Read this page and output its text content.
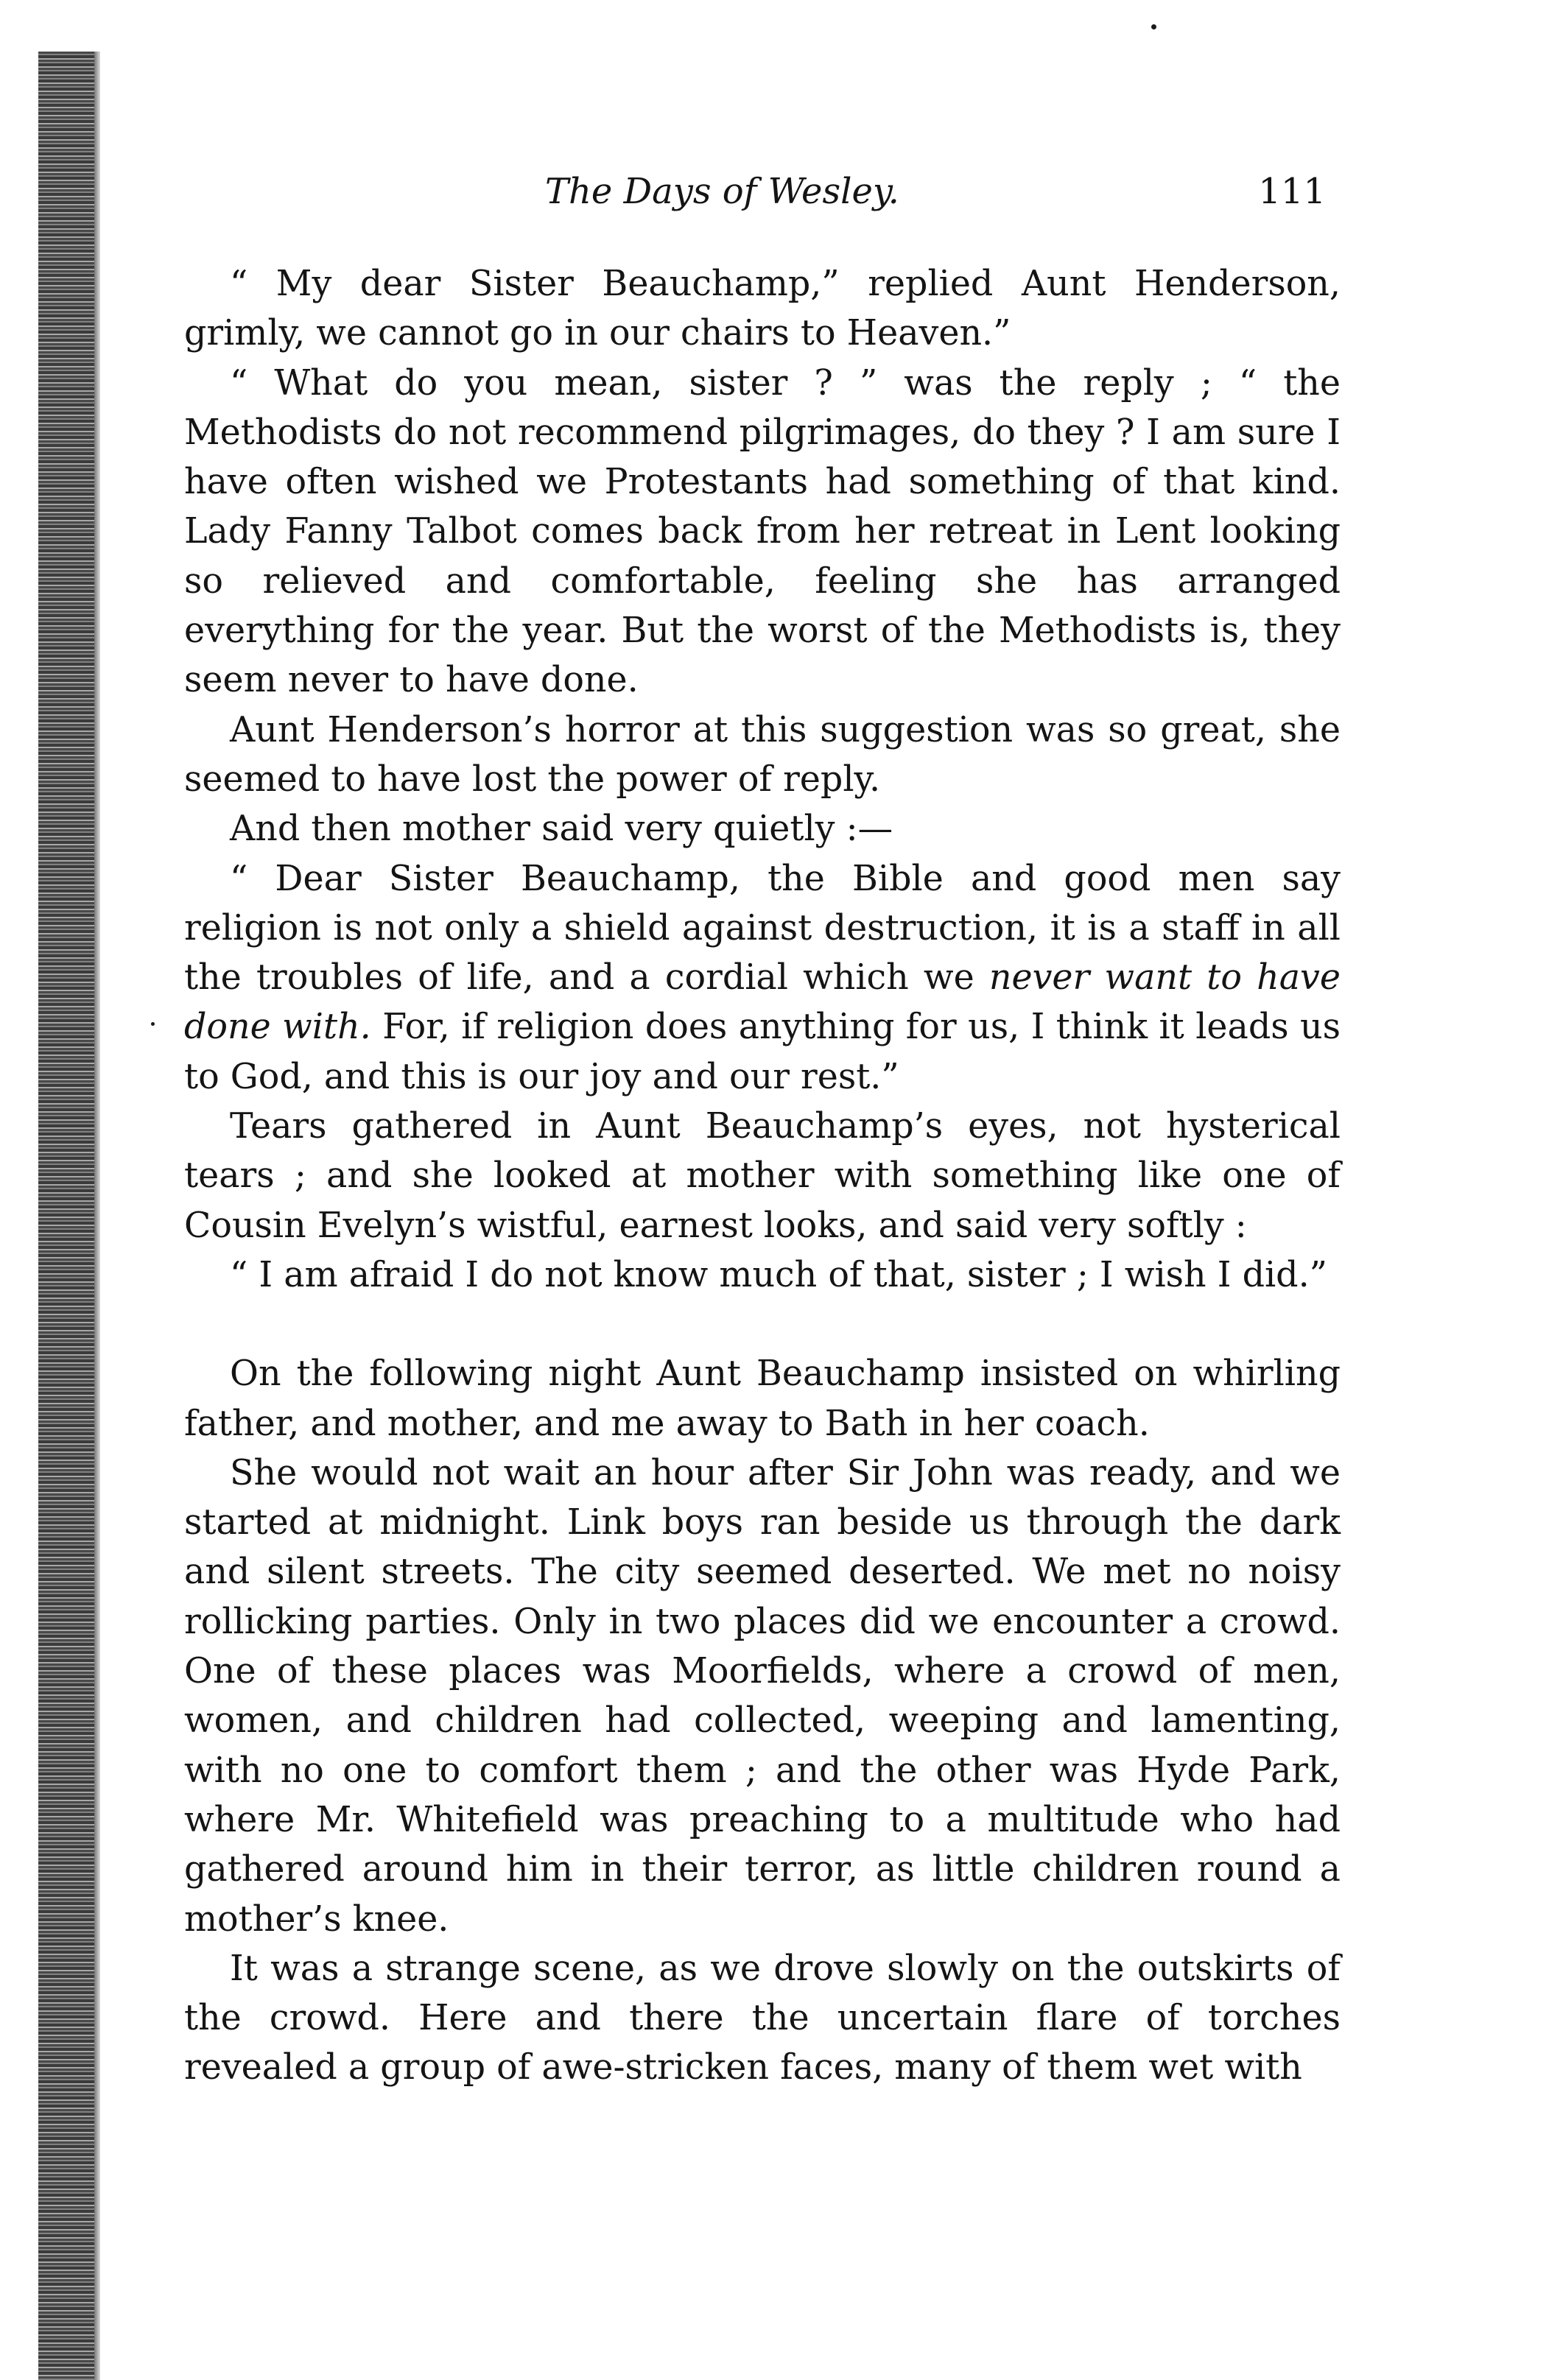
The Days of Wesley.	111

“ My dear Sister Beauchamp,” replied Aunt Henderson, grimly, we cannot go in our chairs to Heaven.”

“ What do you mean, sister ? ” was the reply ; “ the Methodists do not recommend pilgrimages, do they ? I am sure I have often wished we Protestants had something of that kind. Lady Fanny Talbot comes back from her retreat in Lent looking so relieved and comfortable, feeling she has arranged everything for the year. But the worst of the Methodists is, they seem never to have done.

Aunt Henderson’s horror at this suggestion was so great, she seemed to have lost the power of reply.

And then mother said very quietly :—

“ Dear Sister Beauchamp, the Bible and good men say religion is not only a shield against destruction, it is a staff in all the troubles of life, and a cordial which we never want to have done with. For, if religion does anything for us, I think it leads us to God, and this is our joy and our rest.”

Tears gathered in Aunt Beauchamp’s eyes, not hysterical tears ; and she looked at mother with something like one of Cousin Evelyn’s wistful, earnest looks, and said very softly :

“ I am afraid I do not know much of that, sister ; I wish I did.”

On the following night Aunt Beauchamp insisted on whirling father, and mother, and me away to Bath in her coach.

She would not wait an hour after Sir John was ready, and we started at midnight. Link boys ran beside us through the dark and silent streets. The city seemed deserted. We met no noisy rollicking parties. Only in two places did we encounter a crowd. One of these places was Moorfields, where a crowd of men, women, and children had collected, weeping and lamenting, with no one to comfort them ; and the other was Hyde Park, where Mr. Whitefield was preaching to a multitude who had gathered around him in their terror, as little children round a mother’s knee.

It was a strange scene, as we drove slowly on the outskirts of the crowd. Here and there the uncertain flare of torches revealed a group of awe-stricken faces, many of them wet with
